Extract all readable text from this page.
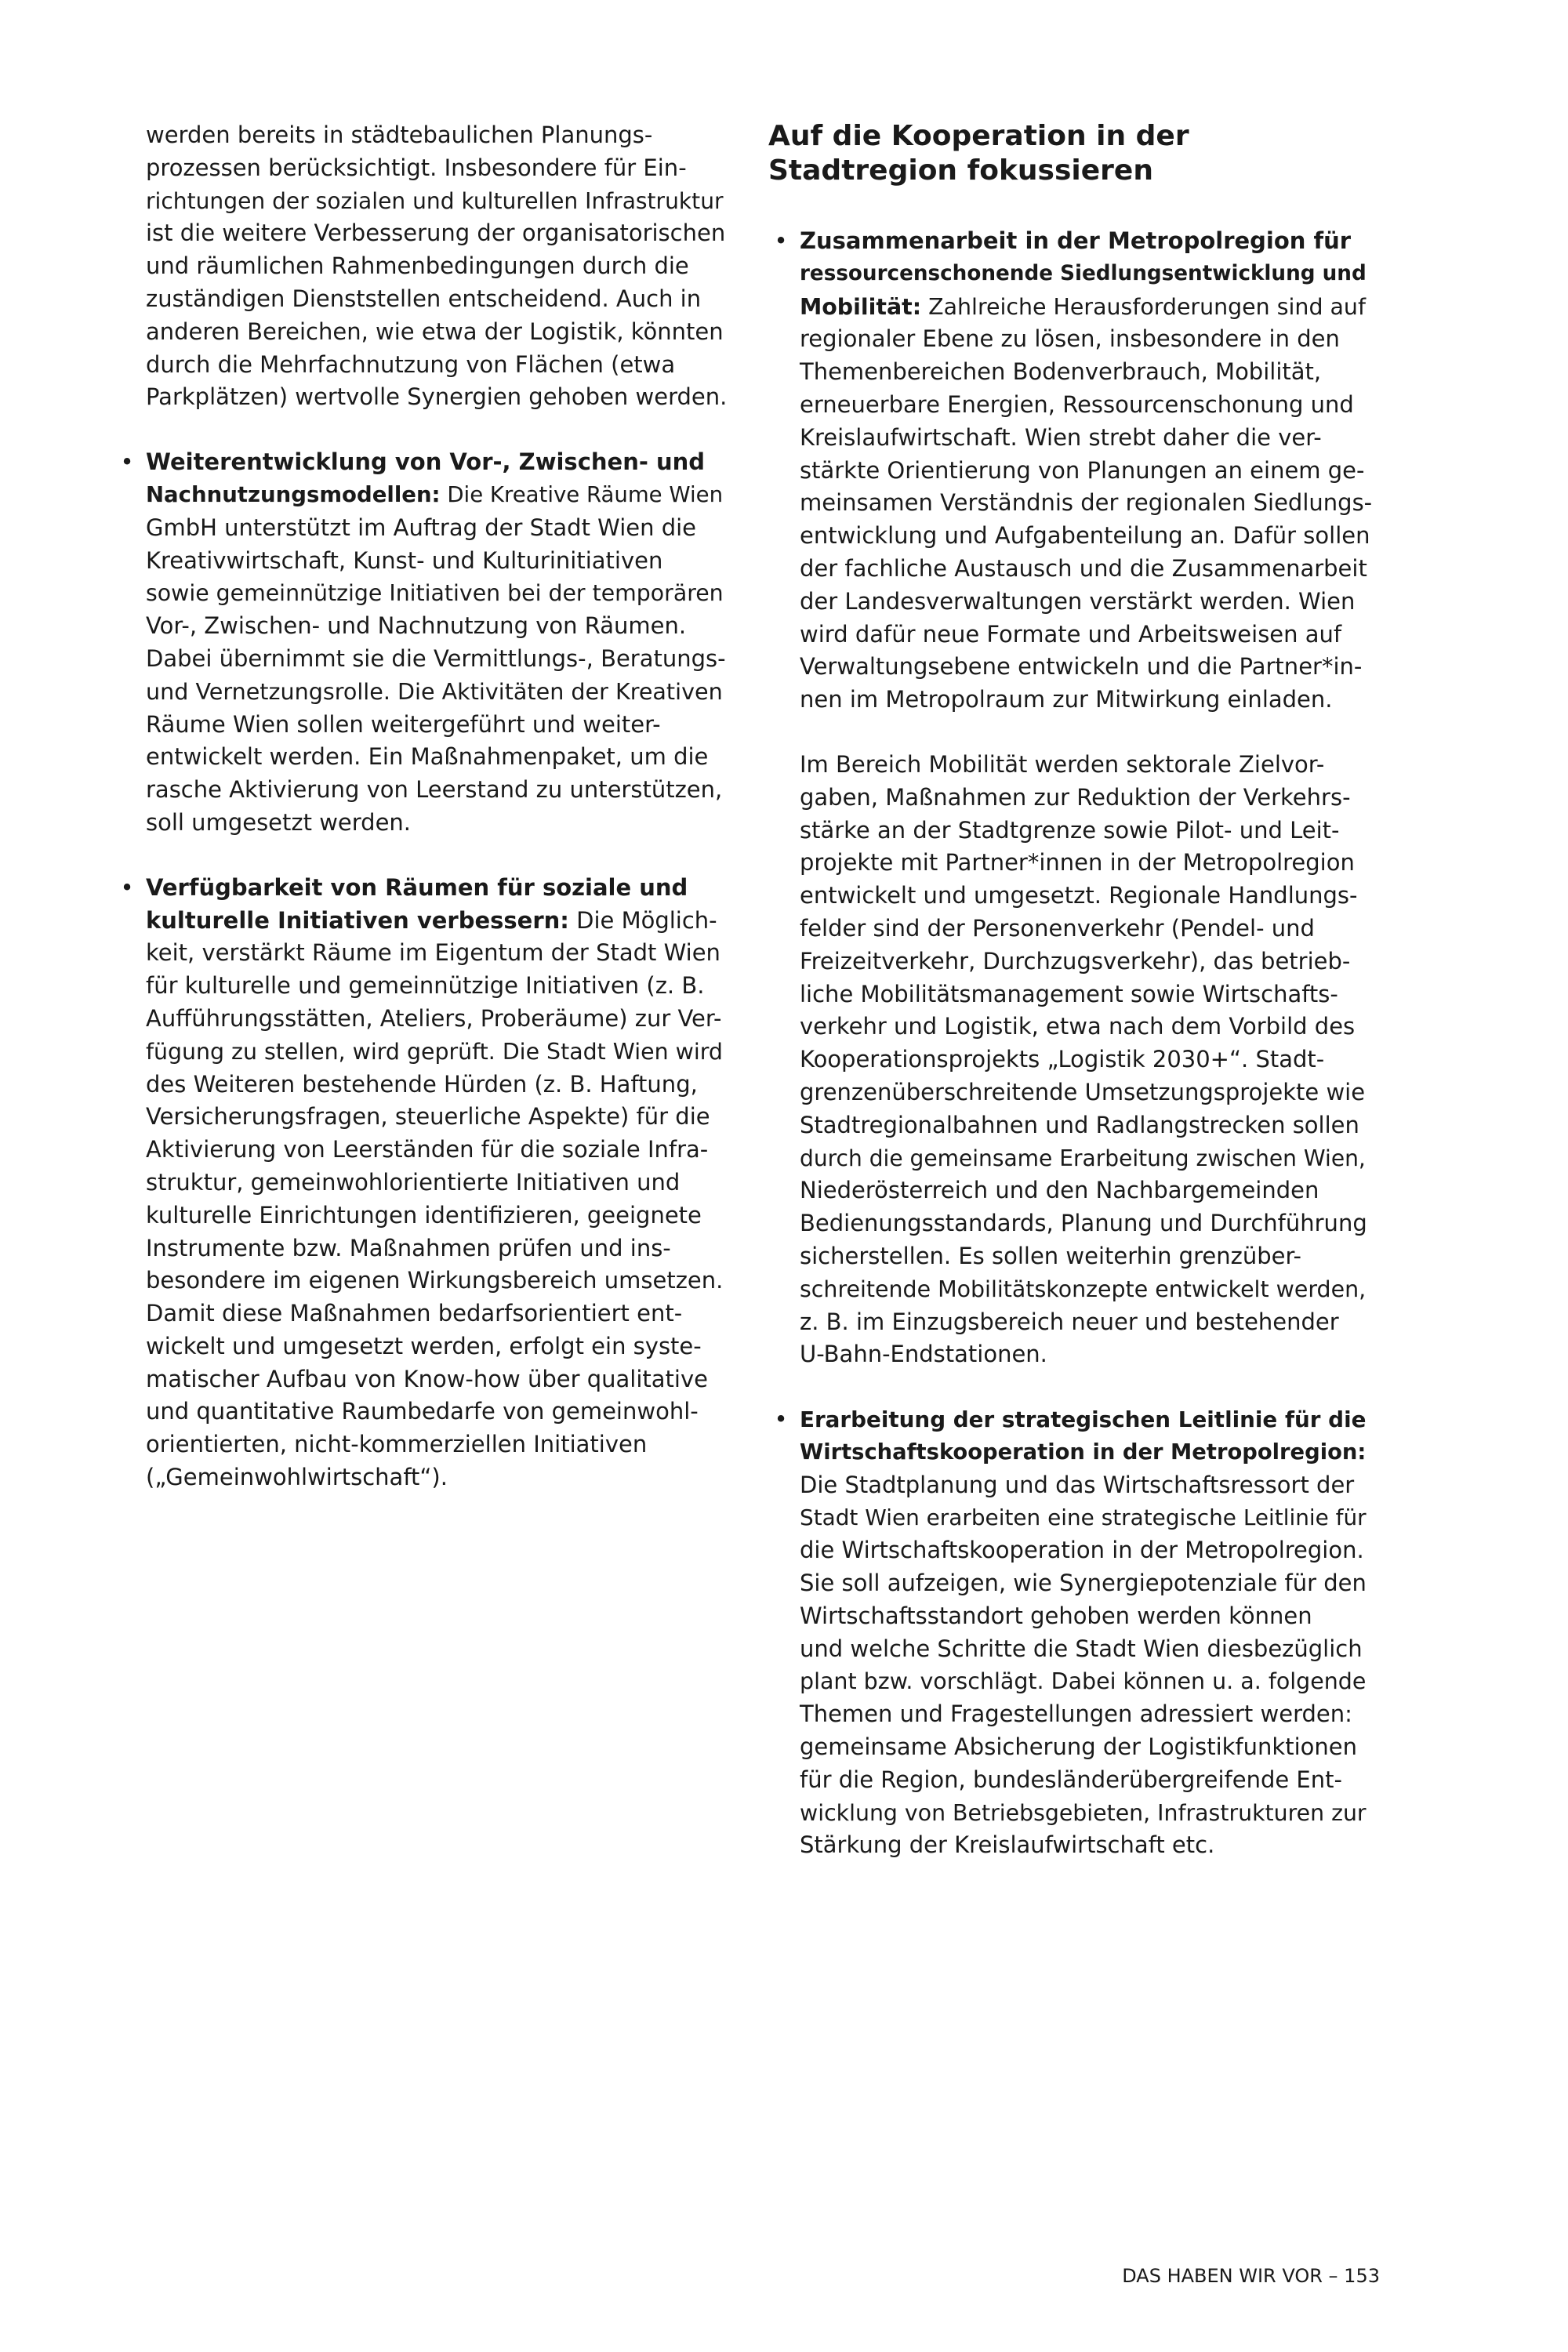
werden bereits in städtebaulichen Planungs-
prozessen berücksichtigt. Insbesondere für Ein-
richtungen der sozialen und kulturellen Infrastruktur
ist die weitere Verbesserung der organisatorischen
und räumlichen Rahmenbedingungen durch die
zuständigen Dienststellen entscheidend. Auch in
anderen Bereichen, wie etwa der Logistik, könnten
durch die Mehrfachnutzung von Flächen (etwa
Parkplätzen) wertvolle Synergien gehoben werden.
• Weiterentwicklung von Vor-, Zwischen- und
Nachnutzungsmodellen: Die Kreative Räume Wien
GmbH unterstützt im Auftrag der Stadt Wien die
Kreativwirtschaft, Kunst- und Kulturinitiativen
sowie gemeinnützige Initiativen bei der temporären
Vor-, Zwischen- und Nachnutzung von Räumen.
Dabei übernimmt sie die Vermittlungs-, Beratungs-
und Vernetzungsrolle. Die Aktivitäten der Kreativen
Räume Wien sollen weitergeführt und weiter-
entwickelt werden. Ein Maßnahmenpaket, um die
rasche Aktivierung von Leerstand zu unterstützen,
soll umgesetzt werden.
• Verfügbarkeit von Räumen für soziale und
kulturelle Initiativen verbessern: Die Möglich-
keit, verstärkt Räume im Eigentum der Stadt Wien
für kulturelle und gemeinnützige Initiativen (z. B.
Aufführungsstätten, Ateliers, Proberäume) zur Ver-
fügung zu stellen, wird geprüft. Die Stadt Wien wird
des Weiteren bestehende Hürden (z. B. Haftung,
Versicherungsfragen, steuerliche Aspekte) für die
Aktivierung von Leerständen für die soziale Infra-
struktur, gemeinwohlorientierte Initiativen und
kulturelle Einrichtungen identifizieren, geeignete
Instrumente bzw. Maßnahmen prüfen und ins-
besondere im eigenen Wirkungsbereich umsetzen.
Damit diese Maßnahmen bedarfsorientiert ent-
wickelt und umgesetzt werden, erfolgt ein syste-
matischer Aufbau von Know-how über qualitative
und quantitative Raumbedarfe von gemeinwohl-
orientierten, nicht-kommerziellen Initiativen
(„Gemeinwohlwirtschaft“).
Auf die Kooperation in der
Stadtregion fokussieren
• Zusammenarbeit in der Metropolregion für
ressourcenschonende Siedlungsentwicklung und
Mobilität: Zahlreiche Herausforderungen sind auf
regionaler Ebene zu lösen, insbesondere in den
Themenbereichen Bodenverbrauch, Mobilität,
erneuerbare Energien, Ressourcenschonung und
Kreislaufwirtschaft. Wien strebt daher die ver-
stärkte Orientierung von Planungen an einem ge-
meinsamen Verständnis der regionalen Siedlungs-
entwicklung und Aufgabenteilung an. Dafür sollen
der fachliche Austausch und die Zusammenarbeit
der Landesverwaltungen verstärkt werden. Wien
wird dafür neue Formate und Arbeitsweisen auf
Verwaltungsebene entwickeln und die Partner*in-
nen im Metropolraum zur Mitwirkung einladen.
Im Bereich Mobilität werden sektorale Zielvor-
gaben, Maßnahmen zur Reduktion der Verkehrs-
stärke an der Stadtgrenze sowie Pilot- und Leit-
projekte mit Partner*innen in der Metropolregion
entwickelt und umgesetzt. Regionale Handlungs-
felder sind der Personenverkehr (Pendel- und
Freizeitverkehr, Durchzugsverkehr), das betrieb-
liche Mobilitätsmanagement sowie Wirtschafts-
verkehr und Logistik, etwa nach dem Vorbild des
Kooperationsprojekts „Logistik 2030+“. Stadt-
grenzenüberschreitende Umsetzungsprojekte wie
Stadtregionalbahnen und Radlangstrecken sollen
durch die gemeinsame Erarbeitung zwischen Wien,
Niederösterreich und den Nachbargemeinden
Bedienungsstandards, Planung und Durchführung
sicherstellen. Es sollen weiterhin grenzüber-
schreitende Mobilitätskonzepte entwickelt werden,
z. B. im Einzugsbereich neuer und bestehender
U-Bahn-Endstationen.
• Erarbeitung der strategischen Leitlinie für die
Wirtschaftskooperation in der Metropolregion:
Die Stadtplanung und das Wirtschaftsressort der
Stadt Wien erarbeiten eine strategische Leitlinie für
die Wirtschaftskooperation in der Metropolregion.
Sie soll aufzeigen, wie Synergiepotenziale für den
Wirtschaftsstandort gehoben werden können
und welche Schritte die Stadt Wien diesbezüglich
plant bzw. vorschlägt. Dabei können u. a. folgende
Themen und Fragestellungen adressiert werden:
gemeinsame Absicherung der Logistikfunktionen
für die Region, bundesländerübergreifende Ent-
wicklung von Betriebsgebieten, Infrastrukturen zur
Stärkung der Kreislaufwirtschaft etc.
DAS HABEN WIR VOR – 153
